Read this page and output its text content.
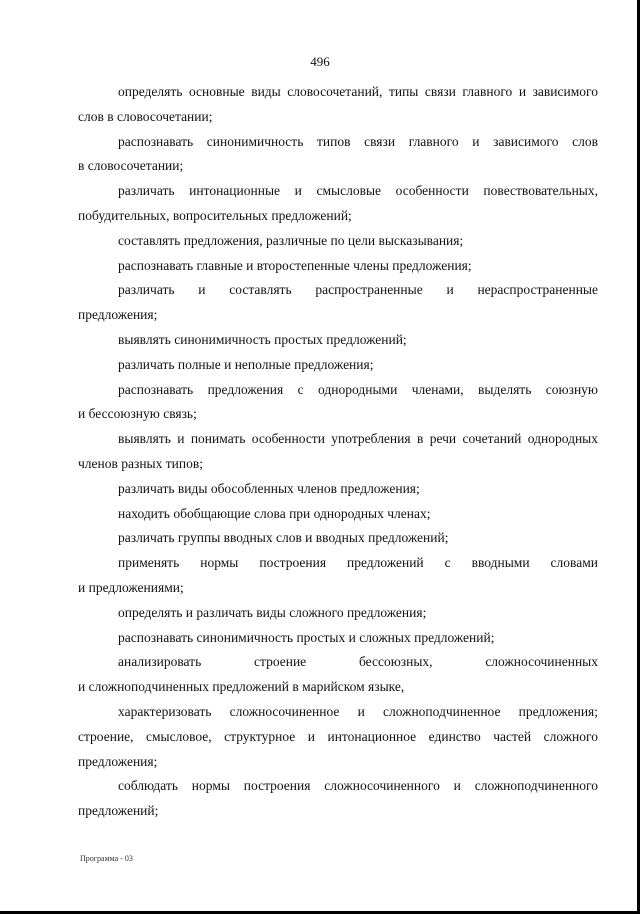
496

определять основные виды словосочетаний, типы связи главного и зависимого
слов в словосочетании;

распознавать синонимичность типов связи главного и зависимого слов
в словосочетании;

различать интонационные и смысловые особенности повествовательных,
побудительных, вопросительных предложений;

составлять предложения, различные по цели высказывания;

распознавать главные и второстепенные члены предложения;

различать и составлять распространенные и нераспространенные
предложения;

выявлять синонимичность простых предложений;

различать полные и неполные предложения;

распознавать предложения с однородными членами, выделять союзную
и бессоюзную связь;

выявлять и понимать особенности употребления в речи сочетаний однородных
членов разных типов;

различать виды обособленных членов предложения;

находить обобщающие слова при однородных членах;

различать группы вводных слов и вводных предложений;

применять нормы построения предложений с вводными словами
и предложениями;

определять и различать виды сложного предложения;

распознавать синонимичность простых и сложных предложений;

анализировать строение бессоюзных, сложносочиненных
и сложноподчиненных предложений в марийском языке,

характеризовать сложносочиненное и сложноподчиненное предложения;
строение, смысловое, структурное и интонационное единство частей сложного предложения;

соблюдать нормы построения сложносочиненного и сложноподчиненного
предложений;

Программа - 03
